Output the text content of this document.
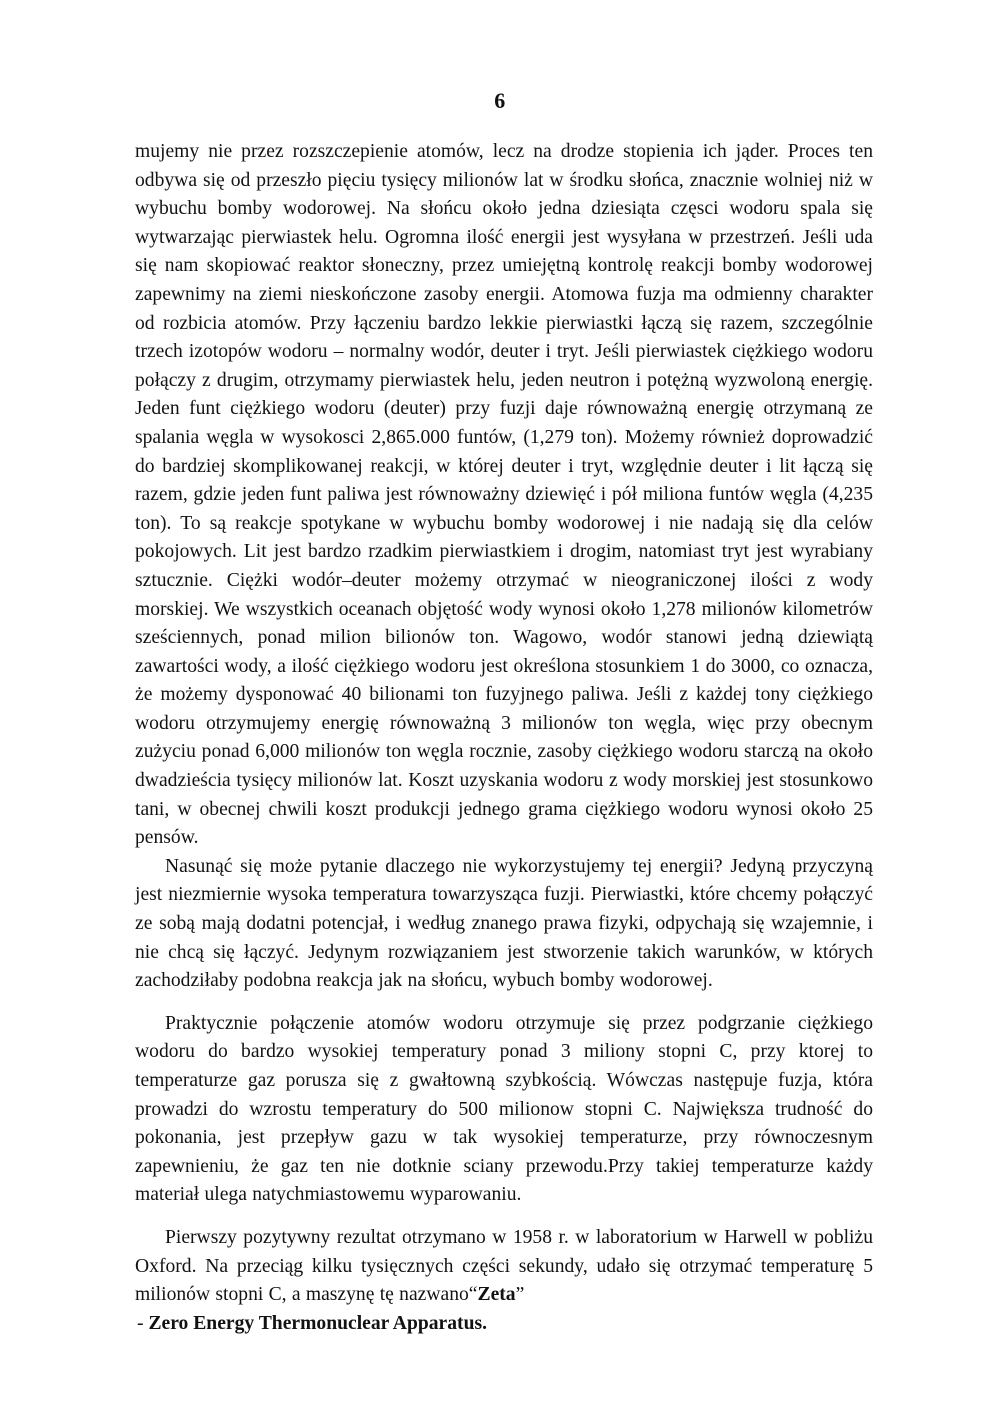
6

mujemy nie przez rozszczepienie atomów, lecz na drodze stopienia ich jąder. Proces ten odbywa się od przeszło pięciu tysięcy milionów lat w środku słońca, znacznie wolniej niż w wybuchu bomby wodorowej. Na słońcu około jedna dziesiąta częsci wodoru spala się wytwarzając pierwiastek helu. Ogromna ilość energii jest wysyłana w przestrzeń. Jeśli uda się nam skopiować reaktor słoneczny, przez umiejętną kontrolę reakcji bomby wodorowej zapewnimy na ziemi nieskończone zasoby energii. Atomowa fuzja ma odmienny charakter od rozbicia atomów. Przy łączeniu bardzo lekkie pierwiastki łączą się razem, szczególnie trzech izotopów wodoru – normalny wodór, deuter i tryt. Jeśli pierwiastek ciężkiego wodoru połączy z drugim, otrzymamy pierwiastek helu, jeden neutron i potężną wyzwoloną energię. Jeden funt ciężkiego wodoru (deuter) przy fuzji daje równoważną energię otrzymaną ze spalania węgla w wysokosci 2,865.000 funtów, (1,279 ton). Możemy również doprowadzić do bardziej skomplikowanej reakcji, w której deuter i tryt, względnie deuter i lit łączą się razem, gdzie jeden funt paliwa jest równoważny dziewięć i pół miliona funtów węgla (4,235 ton). To są reakcje spotykane w wybuchu bomby wodorowej i nie nadają się dla celów pokojowych. Lit jest bardzo rzadkim pierwiastkiem i drogim, natomiast tryt jest wyrabiany sztucznie. Ciężki wodór–deuter możemy otrzymać w nieograniczonej ilości z wody morskiej. We wszystkich oceanach objętość wody wynosi około 1,278 milionów kilometrów sześciennych, ponad milion bilionów ton. Wagowo, wodór stanowi jedną dziewiątą zawartości wody, a ilość ciężkiego wodoru jest określona stosunkiem 1 do 3000, co oznacza, że możemy dysponować 40 bilionami ton fuzyjnego paliwa. Jeśli z każdej tony ciężkiego wodoru otrzymujemy energię równoważną 3 milionów ton węgla, więc przy obecnym zużyciu ponad 6,000 milionów ton węgla rocznie, zasoby ciężkiego wodoru starczą na około dwadzieścia tysięcy milionów lat. Koszt uzyskania wodoru z wody morskiej jest stosunkowo tani, w obecnej chwili koszt produkcji jednego grama ciężkiego wodoru wynosi około 25 pensów.

Nasunąć się może pytanie dlaczego nie wykorzystujemy tej energii? Jedyną przyczyną jest niezmiernie wysoka temperatura towarzysząca fuzji. Pierwiastki, które chcemy połączyć ze sobą mają dodatni potencjał, i według znanego prawa fizyki, odpychają się wzajemnie, i nie chcą się łączyć. Jedynym rozwiązaniem jest stworzenie takich warunków, w których zachodziłaby podobna reakcja jak na słońcu, wybuch bomby wodorowej.

Praktycznie połączenie atomów wodoru otrzymuje się przez podgrzanie ciężkiego wodoru do bardzo wysokiej temperatury ponad 3 miliony stopni C, przy ktorej to temperaturze gaz porusza się z gwałtowną szybkością. Wówczas następuje fuzja, która prowadzi do wzrostu temperatury do 500 milionow stopni C. Największa trudność do pokonania, jest przepływ gazu w tak wysokiej temperaturze, przy równoczesnym zapewnieniu, że gaz ten nie dotknie sciany przewodu.Przy takiej temperaturze każdy materiał ulega natychmiastowemu wyparowaniu.

Pierwszy pozytywny rezultat otrzymano w 1958 r. w laboratorium w Harwell w pobliżu Oxford. Na przeciąg kilku tysięcznych części sekundy, udało się otrzymać temperaturę 5 milionów stopni C, a maszynę tę nazwano“Zeta”

- Zero Energy Thermonuclear Apparatus.
